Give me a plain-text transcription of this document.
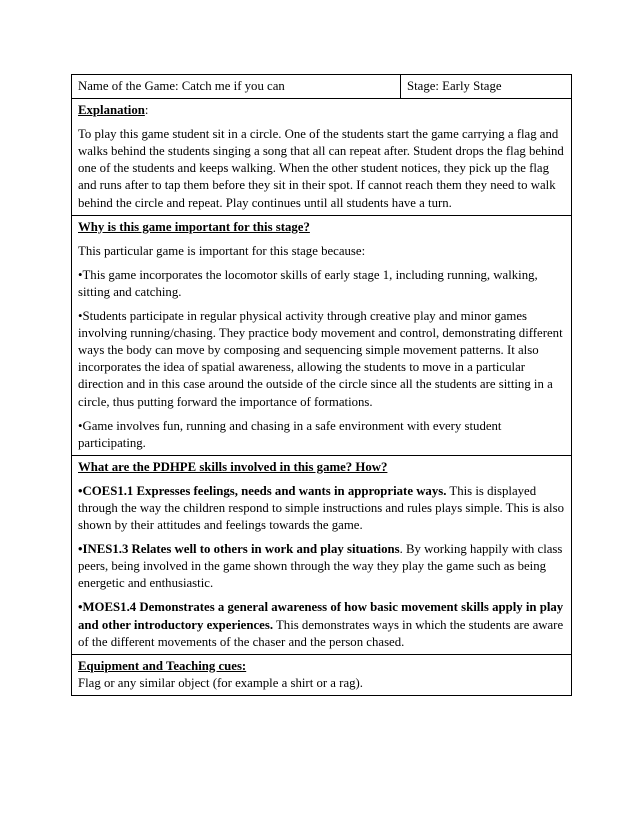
Name of the Game: Catch me if you can	Stage: Early Stage

Explanation:

To play this game student sit in a circle. One of the students start the game carrying a flag and walks behind the students singing a song that all can repeat after. Student drops the flag behind one of the students and keeps walking. When the other student notices, they pick up the flag and runs after to tap them before they sit in their spot. If cannot reach them they need to walk behind the circle and repeat. Play continues until all students have a turn.

Why is this game important for this stage?

This particular game is important for this stage because:

•This game incorporates the locomotor skills of early stage 1, including running, walking, sitting and catching.

•Students participate in regular physical activity through creative play and minor games involving running/chasing. They practice body movement and control, demonstrating different ways the body can move by composing and sequencing simple movement patterns. It also incorporates the idea of spatial awareness, allowing the students to move in a particular direction and in this case around the outside of the circle since all the students are sitting in a circle, thus putting forward the importance of formations.

•Game involves fun, running and chasing in a safe environment with every student participating.

What are the PDHPE skills involved in this game? How?

•COES1.1 Expresses feelings, needs and wants in appropriate ways. This is displayed through the way the children respond to simple instructions and rules plays simple. This is also shown by their attitudes and feelings towards the game.

•INES1.3 Relates well to others in work and play situations. By working happily with class peers, being involved in the game shown through the way they play the game such as being energetic and enthusiastic.

•MOES1.4 Demonstrates a general awareness of how basic movement skills apply in play and other introductory experiences. This demonstrates ways in which the students are aware of the different movements of the chaser and the person chased.

Equipment and Teaching cues:

Flag or any similar object (for example a shirt or a rag).
